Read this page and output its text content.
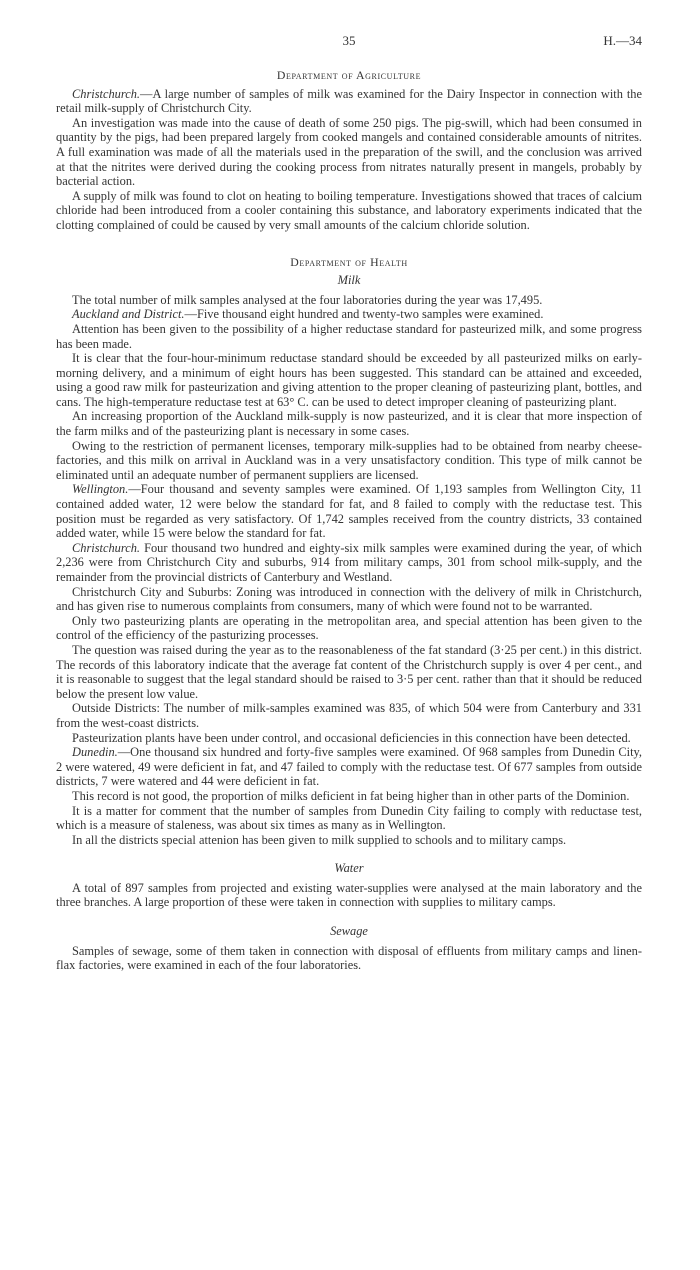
35	H.—34
Department of Agriculture

Christchurch.—A large number of samples of milk was examined for the Dairy Inspector in connection with the retail milk-supply of Christchurch City.

An investigation was made into the cause of death of some 250 pigs. The pig-swill, which had been consumed in quantity by the pigs, had been prepared largely from cooked mangels and contained considerable amounts of nitrites. A full examination was made of all the materials used in the preparation of the swill, and the conclusion was arrived at that the nitrites were derived during the cooking process from nitrates naturally present in mangels, probably by bacterial action.

A supply of milk was found to clot on heating to boiling temperature. Investigations showed that traces of calcium chloride had been introduced from a cooler containing this substance, and laboratory experiments indicated that the clotting complained of could be caused by very small amounts of the calcium chloride solution.

Department of Health
Milk

The total number of milk samples analysed at the four laboratories during the year was 17,495.

Auckland and District.—Five thousand eight hundred and twenty-two samples were examined.

Attention has been given to the possibility of a higher reductase standard for pasteurized milk, and some progress has been made.

It is clear that the four-hour-minimum reductase standard should be exceeded by all pasteurized milks on early-morning delivery, and a minimum of eight hours has been suggested. This standard can be attained and exceeded, using a good raw milk for pasteurization and giving attention to the proper cleaning of pasteurizing plant, bottles, and cans. The high-temperature reductase test at 63° C. can be used to detect improper cleaning of pasteurizing plant.

An increasing proportion of the Auckland milk-supply is now pasteurized, and it is clear that more inspection of the farm milks and of the pasteurizing plant is necessary in some cases.

Owing to the restriction of permanent licenses, temporary milk-supplies had to be obtained from nearby cheese-factories, and this milk on arrival in Auckland was in a very unsatisfactory condition. This type of milk cannot be eliminated until an adequate number of permanent suppliers are licensed.

Wellington.—Four thousand and seventy samples were examined. Of 1,193 samples from Wellington City, 11 contained added water, 12 were below the standard for fat, and 8 failed to comply with the reductase test. This position must be regarded as very satisfactory. Of 1,742 samples received from the country districts, 33 contained added water, while 15 were below the standard for fat.

Christchurch. Four thousand two hundred and eighty-six milk samples were examined during the year, of which 2,236 were from Christchurch City and suburbs, 914 from military camps, 301 from school milk-supply, and the remainder from the provincial districts of Canterbury and Westland.

Christchurch City and Suburbs: Zoning was introduced in connection with the delivery of milk in Christchurch, and has given rise to numerous complaints from consumers, many of which were found not to be warranted.

Only two pasteurizing plants are operating in the metropolitan area, and special attention has been given to the control of the efficiency of the pasturizing processes.

The question was raised during the year as to the reasonableness of the fat standard (3·25 per cent.) in this district. The records of this laboratory indicate that the average fat content of the Christchurch supply is over 4 per cent., and it is reasonable to suggest that the legal standard should be raised to 3·5 per cent. rather than that it should be reduced below the present low value.

Outside Districts: The number of milk-samples examined was 835, of which 504 were from Canterbury and 331 from the west-coast districts.

Pasteurization plants have been under control, and occasional deficiencies in this connection have been detected.

Dunedin.—One thousand six hundred and forty-five samples were examined. Of 968 samples from Dunedin City, 2 were watered, 49 were deficient in fat, and 47 failed to comply with the reductase test. Of 677 samples from outside districts, 7 were watered and 44 were deficient in fat.

This record is not good, the proportion of milks deficient in fat being higher than in other parts of the Dominion.

It is a matter for comment that the number of samples from Dunedin City failing to comply with reductase test, which is a measure of staleness, was about six times as many as in Wellington.

In all the districts special attenion has been given to milk supplied to schools and to military camps.

Water

A total of 897 samples from projected and existing water-supplies were analysed at the main laboratory and the three branches. A large proportion of these were taken in connection with supplies to military camps.

Sewage

Samples of sewage, some of them taken in connection with disposal of effluents from military camps and linen-flax factories, were examined in each of the four laboratories.
